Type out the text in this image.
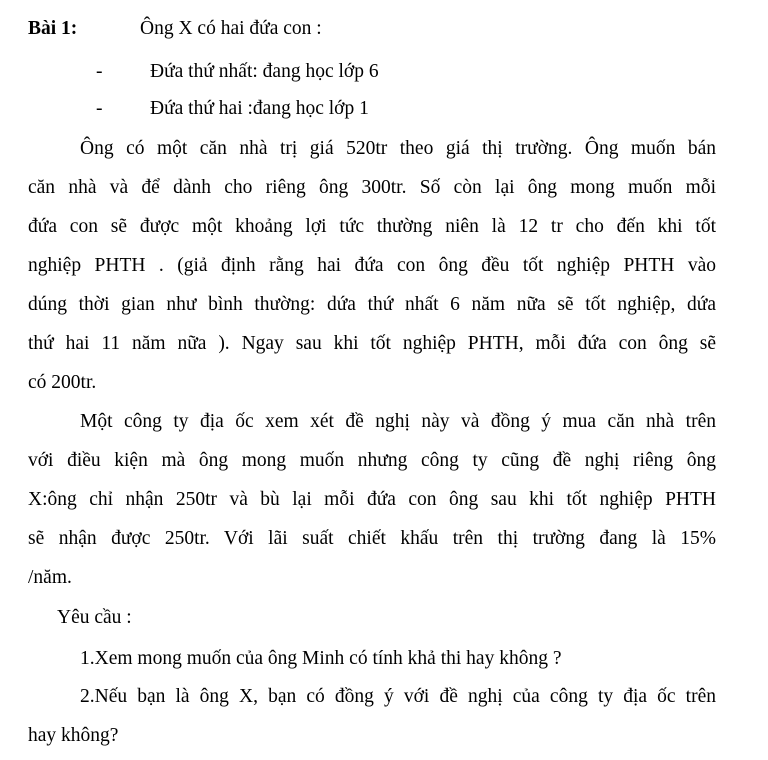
Bài 1:	Ông X có hai đứa con :
- Đứa thứ nhất: đang học lớp 6
- Đứa thứ hai :đang học lớp 1
Ông có một căn nhà trị giá 520tr theo giá thị trường. Ông muốn bán
căn nhà và để dành cho riêng ông 300tr. Số còn lại ông mong muốn mỗi
đứa con sẽ được một khoảng lợi tức thường niên là 12 tr cho đến khi tốt
nghiệp PHTH . (giả định rằng hai đứa con ông đều tốt nghiệp PHTH vào
dúng thời gian như bình thường: dứa thứ nhất 6 năm nữa sẽ tốt nghiệp, dứa
thứ hai 11 năm nữa ). Ngay sau khi tốt nghiệp PHTH, mỗi đứa con ông sẽ
có 200tr.
Một công ty địa ốc xem xét đề nghị này và đồng ý mua căn nhà trên
với điều kiện mà ông mong muốn nhưng công ty cũng đề nghị riêng ông
X:ông chỉ nhận 250tr và bù lại mỗi đứa con ông sau khi tốt nghiệp PHTH
sẽ nhận được 250tr. Với lãi suất chiết khấu trên thị trường đang là 15%
/năm.
Yêu cầu :
1.Xem mong muốn của ông Minh có tính khả thi hay không ?
2.Nếu bạn là ông X, bạn có đồng ý với đề nghị của công ty địa ốc trên
hay không?
